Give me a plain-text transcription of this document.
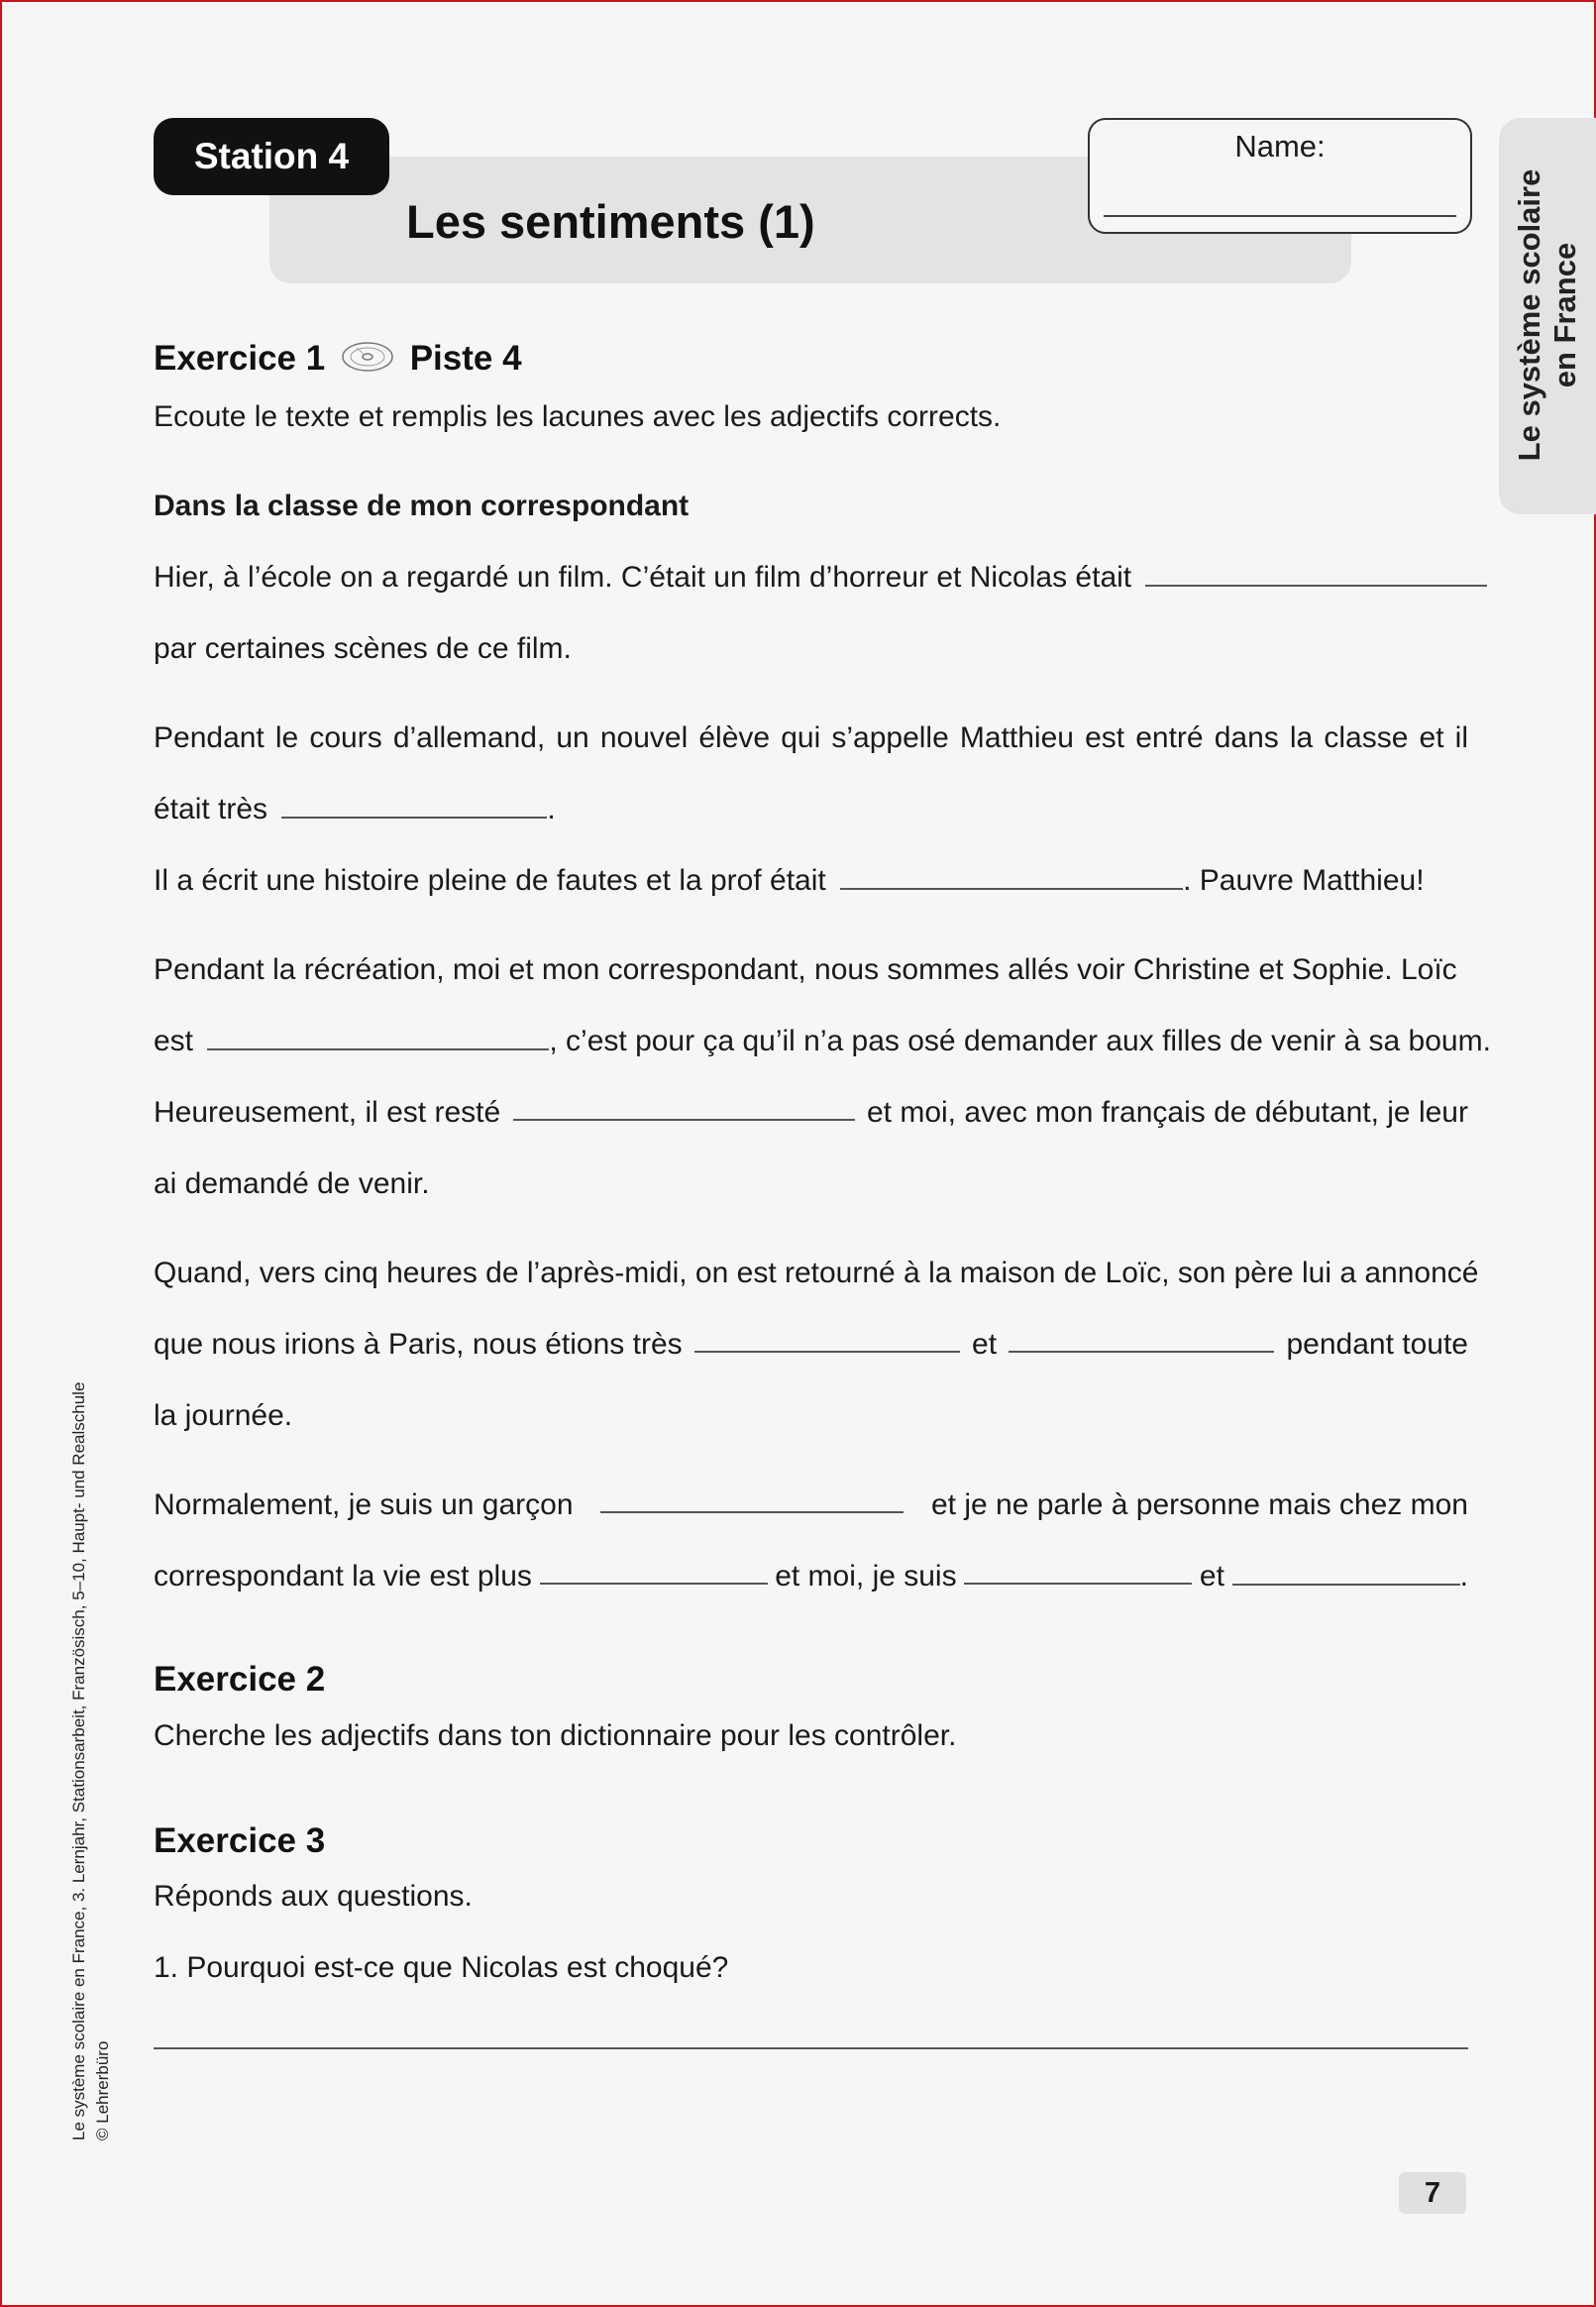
Station 4
Les sentiments (1)
Name:
Le système scolaire en France
Exercice 1 Piste 4
Ecoute le texte et remplis les lacunes avec les adjectifs corrects.
Dans la classe de mon correspondant
Hier, à l’école on a regardé un film. C’était un film d’horreur et Nicolas était
par certaines scènes de ce film.
Pendant le cours d’allemand, un nouvel élève qui s’appelle Matthieu est entré dans la classe et il
était très	.
Il a écrit une histoire pleine de fautes et la prof était	. Pauvre Matthieu!
Pendant la récréation, moi et mon correspondant, nous sommes allés voir Christine et Sophie. Loïc
est	, c’est pour ça qu’il n’a pas osé demander aux filles de venir à sa boum.
Heureusement, il est resté	et moi, avec mon français de débutant, je leur
ai demandé de venir.
Quand, vers cinq heures de l’après-midi, on est retourné à la maison de Loïc, son père lui a annoncé
que nous irions à Paris, nous étions très	et	pendant toute
la journée.
Normalement, je suis un garçon	et je ne parle à personne mais chez mon
correspondant la vie est plus	et moi, je suis	et	.
Exercice 2
Cherche les adjectifs dans ton dictionnaire pour les contrôler.
Exercice 3
Réponds aux questions.
1. Pourquoi est-ce que Nicolas est choqué?
Le système scolaire en France, 3. Lernjahr, Stationsarbeit, Französisch, 5–10, Haupt- und Realschule © Lehrerbüro
7
